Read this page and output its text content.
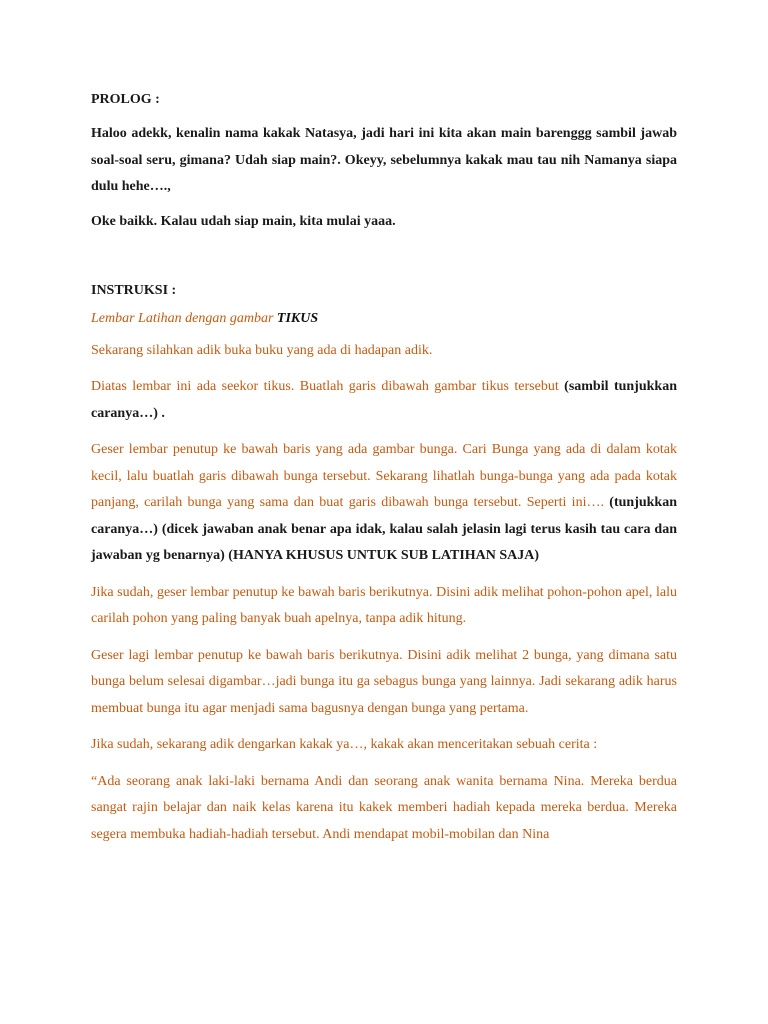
PROLOG :

Haloo adekk, kenalin nama kakak Natasya, jadi hari ini kita akan main barenggg sambil jawab soal-soal seru, gimana? Udah siap main?. Okeyy, sebelumnya kakak mau tau nih Namanya siapa dulu hehe….,

Oke baikk. Kalau udah siap main, kita mulai yaaa.

INSTRUKSI :

Lembar Latihan dengan gambar TIKUS

Sekarang silahkan adik buka buku yang ada di hadapan adik.

Diatas lembar ini ada seekor tikus. Buatlah garis dibawah gambar tikus tersebut (sambil tunjukkan caranya…) .

Geser lembar penutup ke bawah baris yang ada gambar bunga. Cari Bunga yang ada di dalam kotak kecil, lalu buatlah garis dibawah bunga tersebut. Sekarang lihatlah bunga-bunga yang ada pada kotak panjang, carilah bunga yang sama dan buat garis dibawah bunga tersebut. Seperti ini…. (tunjukkan caranya…) (dicek jawaban anak benar apa idak, kalau salah jelasin lagi terus kasih tau cara dan jawaban yg benarnya) (HANYA KHUSUS UNTUK SUB LATIHAN SAJA)

Jika sudah, geser lembar penutup ke bawah baris berikutnya. Disini adik melihat pohon-pohon apel, lalu carilah pohon yang paling banyak buah apelnya, tanpa adik hitung.

Geser lagi lembar penutup ke bawah baris berikutnya. Disini adik melihat 2 bunga, yang dimana satu bunga belum selesai digambar…jadi bunga itu ga sebagus bunga yang lainnya. Jadi sekarang adik harus membuat bunga itu agar menjadi sama bagusnya dengan bunga yang pertama.

Jika sudah, sekarang adik dengarkan kakak ya…, kakak akan menceritakan sebuah cerita :

“Ada seorang anak laki-laki bernama Andi dan seorang anak wanita bernama Nina. Mereka berdua sangat rajin belajar dan naik kelas karena itu kakek memberi hadiah kepada mereka berdua. Mereka segera membuka hadiah-hadiah tersebut. Andi mendapat mobil-mobilan dan Nina
